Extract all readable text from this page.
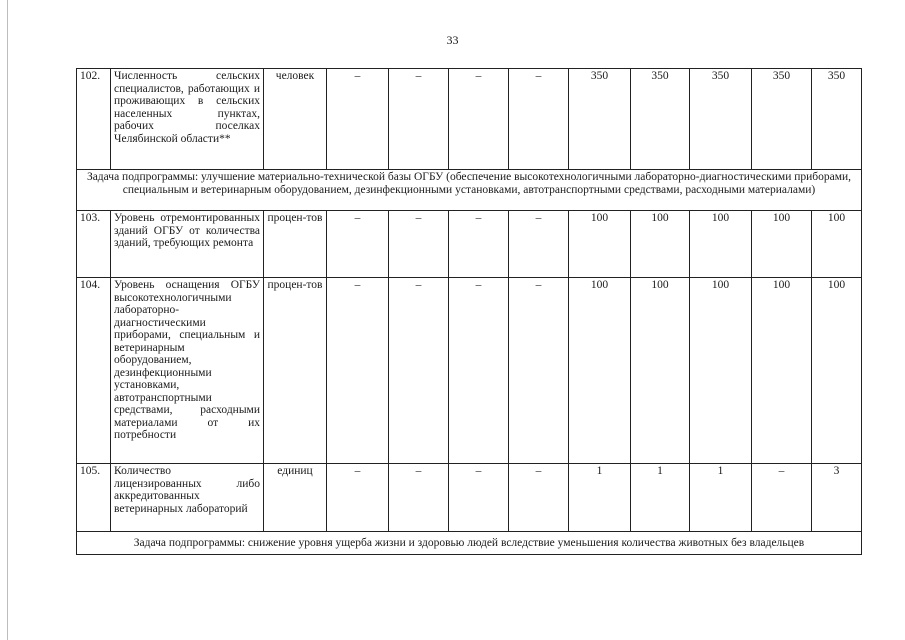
33
102.	Численность сельских специалистов, работающих и проживающих в сельских населенных пунктах, рабочих поселках Челябинской области**	человек	–	–	–	–	350	350	350	350	350
Задача подпрограммы: улучшение материально-технической базы ОГБУ (обеспечение высокотехнологичными лабораторно-диагностическими приборами, специальным и ветеринарным оборудованием, дезинфекционными установками, автотранспортными средствами, расходными материалами)											
103.	Уровень отремонтированных зданий ОГБУ от количества зданий, требующих ремонта	процен-тов	–	–	–	–	100	100	100	100	100
104.	Уровень оснащения ОГБУ высокотехнологичными лабораторно-диагностическими приборами, специальным и ветеринарным оборудованием, дезинфекционными установками, автотранспортными средствами, расходными материалами от их потребности	процен-тов	–	–	–	–	100	100	100	100	100
105.	Количество лицензированных либо аккредитованных ветеринарных лабораторий	единиц	–	–	–	–	1	1	1	–	3
Задача подпрограммы: снижение уровня ущерба жизни и здоровью людей вследствие уменьшения количества животных без владельцев											
